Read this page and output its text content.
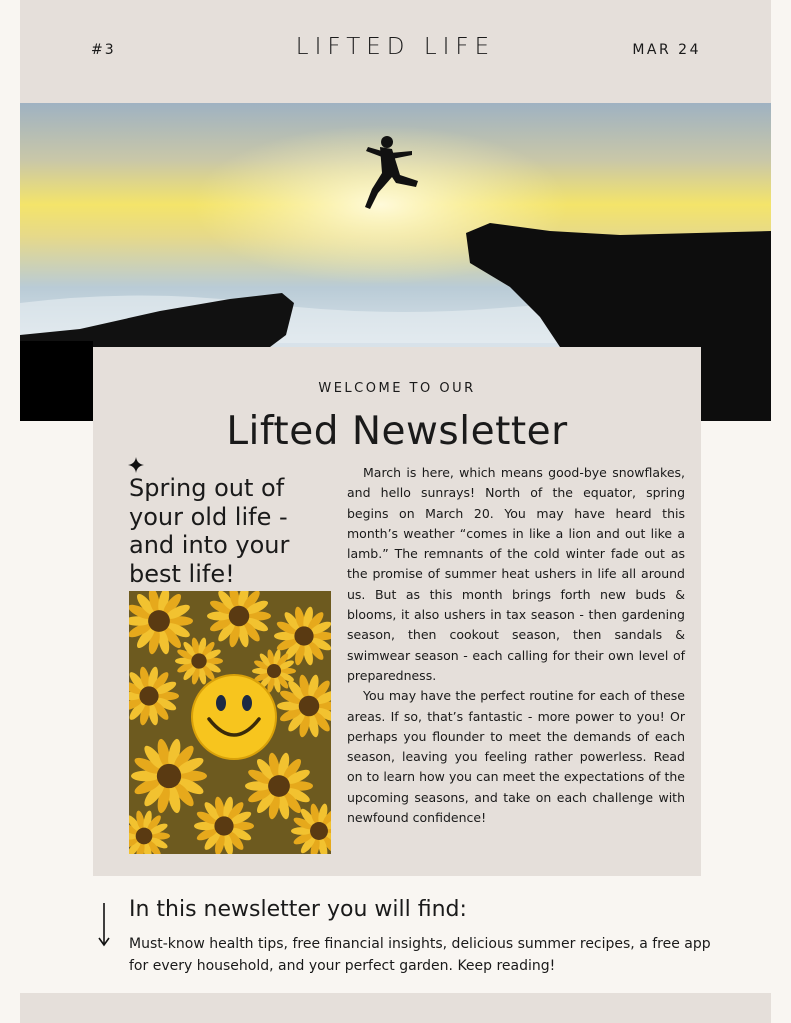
#3	LIFTED LIFE	MAR 24
WELCOME TO OUR
Lifted Newsletter
Spring out of your old life - and into your best life!

March is here, which means good-bye snowflakes, and hello sunrays! North of the equator, spring begins on March 20. You may have heard this month’s weather “comes in like a lion and out like a lamb.” The remnants of the cold winter fade out as the promise of summer heat ushers in life all around us. But as this month brings forth new buds & blooms, it also ushers in tax season - then gardening season, then cookout season, then sandals & swimwear season - each calling for their own level of preparedness.

You may have the perfect routine for each of these areas. If so, that’s fantastic - more power to you! Or perhaps you flounder to meet the demands of each season, leaving you feeling rather powerless. Read on to learn how you can meet the expectations of the upcoming seasons, and take on each challenge with newfound confidence!

In this newsletter you will find:
Must-know health tips, free financial insights, delicious summer recipes, a free app for every household, and your perfect garden. Keep reading!
